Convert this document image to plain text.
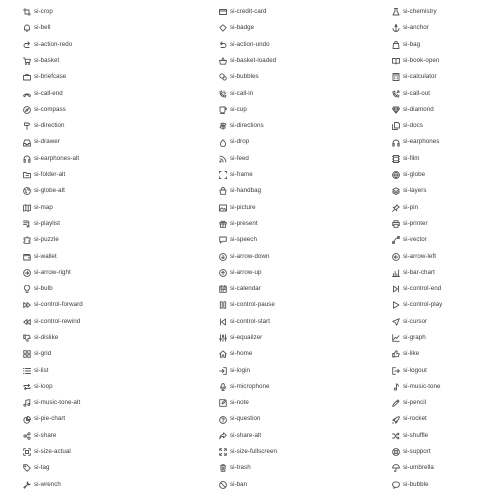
si-crop	si-credit-card	si-chemistry
si-bell	si-badge	si-anchor
si-action-redo	si-action-undo	si-bag
si-basket	si-basket-loaded	si-book-open
si-briefcase	si-bubbles	si-calculator
si-call-end	si-call-in	si-call-out
si-compass	si-cup	si-diamond
si-direction	si-directions	si-docs
si-drawer	si-drop	si-earphones
si-earphones-alt	si-feed	si-film
si-folder-alt	si-frame	si-globe
si-globe-alt	si-handbag	si-layers
si-map	si-picture	si-pin
si-playlist	si-present	si-printer
si-puzzle	si-speech	si-vector
si-wallet	si-arrow-down	si-arrow-left
si-arrow-right	si-arrow-up	si-bar-chart
si-bulb	si-calendar	si-control-end
si-control-forward	si-control-pause	si-control-play
si-control-rewind	si-control-start	si-cursor
si-dislike	si-equalizer	si-graph
si-grid	si-home	si-like
si-list	si-login	si-logout
si-loop	si-microphone	si-music-tone
si-music-tone-alt	si-note	si-pencil
si-pie-chart	si-question	si-rocket
si-share	si-share-alt	si-shuffle
si-size-actual	si-size-fullscreen	si-support
si-tag	si-trash	si-umbrella
si-wrench	si-ban	si-bubble
